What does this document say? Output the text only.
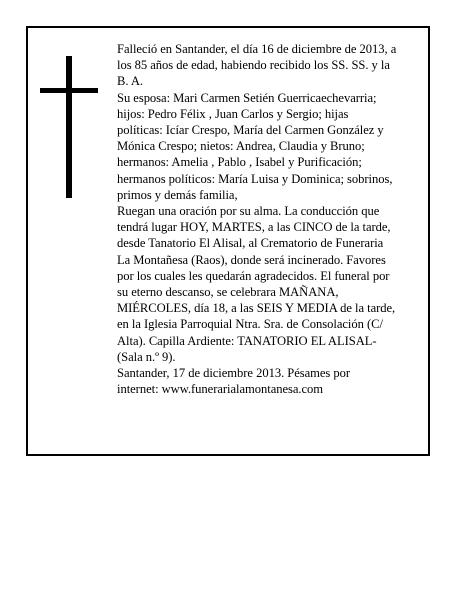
Falleció en Santander, el día 16 de diciembre de 2013, a

los 85 años de edad, habiendo recibido los SS. SS. y la

B. A.

Su esposa: Mari Carmen Setién Guerricaechevarria;

hijos: Pedro Félix , Juan Carlos y Sergio; hijas

políticas: Icíar Crespo, María del Carmen González y

Mónica Crespo; nietos: Andrea, Claudia y Bruno;

hermanos: Amelia , Pablo , Isabel y Purificación;

hermanos políticos: María Luisa y Dominica; sobrinos,

primos y demás familia,

Ruegan una oración por su alma. La conducción que

tendrá lugar HOY, MARTES, a las CINCO de la tarde,

desde Tanatorio El Alisal, al Crematorio de Funeraria

La Montañesa (Raos), donde será incinerado. Favores

por los cuales les quedarán agradecidos. El funeral por

su eterno descanso, se celebrara MAÑANA,

MIÉRCOLES, día 18, a las SEIS Y MEDIA de la tarde,

en la Iglesia Parroquial Ntra. Sra. de Consolación (C/

Alta). Capilla Ardiente: TANATORIO EL ALISAL-

(Sala n.º 9).

Santander, 17 de diciembre 2013. Pésames por

internet: www.funerarialamontanesa.com
